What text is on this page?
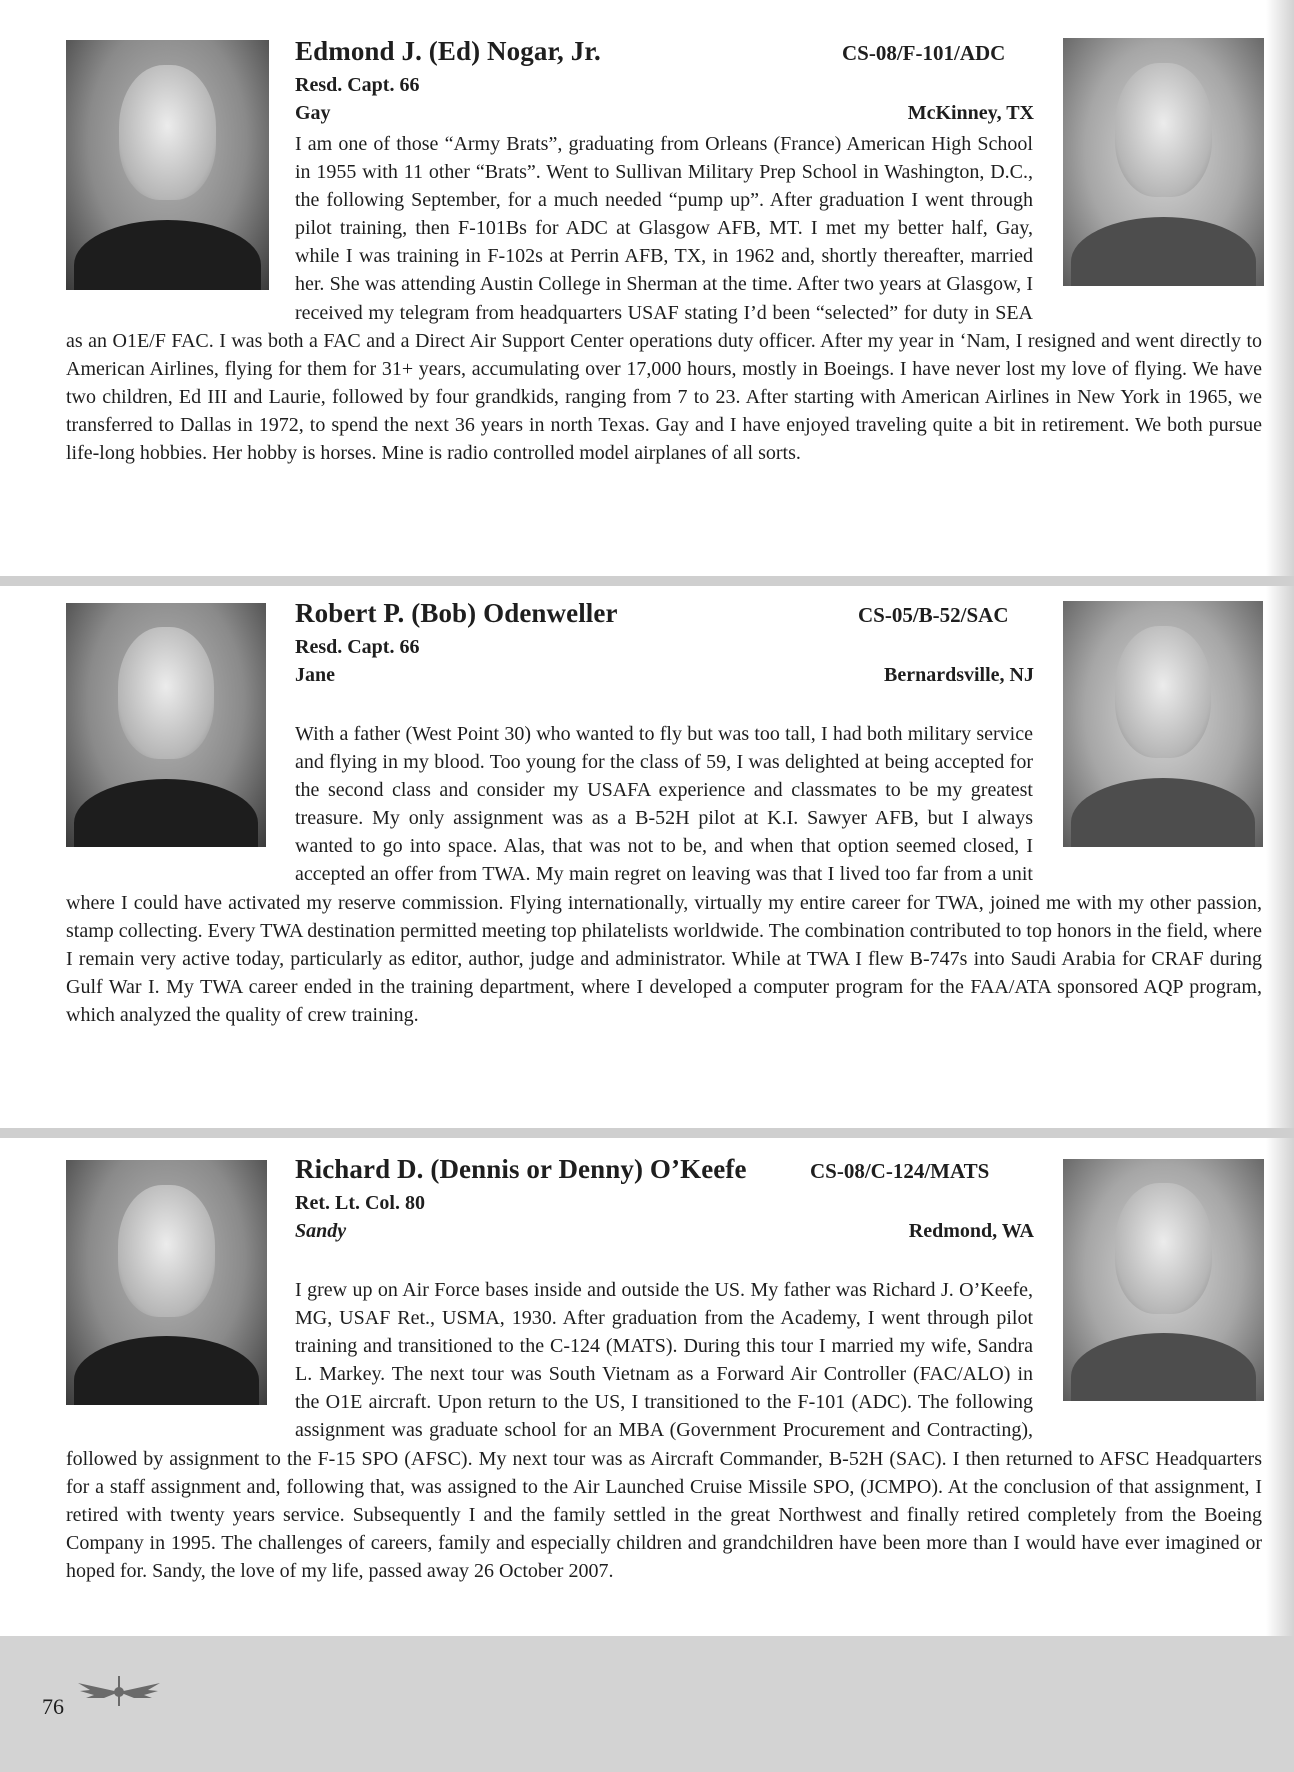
Edmond J. (Ed) Nogar, Jr.	CS-08/F-101/ADC
Resd. Capt. 66
Gay	McKinney, TX
I am one of those “Army Brats”, graduating from Orleans (France) American High School in 1955 with 11 other “Brats”. Went to Sullivan Military Prep School in Washington, D.C., the following September, for a much needed “pump up”. After graduation I went through pilot training, then F-101Bs for ADC at Glasgow AFB, MT. I met my better half, Gay, while I was training in F-102s at Perrin AFB, TX, in 1962 and, shortly thereafter, married her. She was attending Austin College in Sherman at the time. After two years at Glasgow, I received my telegram from headquarters USAF stating I’d been “selected” for duty in SEA as an O1E/F FAC. I was both a FAC and a Direct Air Support Center operations duty officer. After my year in ‘Nam, I resigned and went directly to American Airlines, flying for them for 31+ years, accumulating over 17,000 hours, mostly in Boeings. I have never lost my love of flying. We have two children, Ed III and Laurie, followed by four grandkids, ranging from 7 to 23. After starting with American Airlines in New York in 1965, we transferred to Dallas in 1972, to spend the next 36 years in north Texas. Gay and I have enjoyed traveling quite a bit in retirement. We both pursue life-long hobbies. Her hobby is horses. Mine is radio controlled model airplanes of all sorts.
Robert P. (Bob) Odenweller	CS-05/B-52/SAC
Resd. Capt. 66
Jane	Bernardsville, NJ
With a father (West Point 30) who wanted to fly but was too tall, I had both military service and flying in my blood. Too young for the class of 59, I was delighted at being accepted for the second class and consider my USAFA experience and classmates to be my greatest treasure. My only assignment was as a B-52H pilot at K.I. Sawyer AFB, but I always wanted to go into space. Alas, that was not to be, and when that option seemed closed, I accepted an offer from TWA. My main regret on leaving was that I lived too far from a unit where I could have activated my reserve commission. Flying internationally, virtually my entire career for TWA, joined me with my other passion, stamp collecting. Every TWA destination permitted meeting top philatelists worldwide. The combination contributed to top honors in the field, where I remain very active today, particularly as editor, author, judge and administrator. While at TWA I flew B-747s into Saudi Arabia for CRAF during Gulf War I. My TWA career ended in the training department, where I developed a computer program for the FAA/ATA sponsored AQP program, which analyzed the quality of crew training.
Richard D. (Dennis or Denny) O’Keefe	CS-08/C-124/MATS
Ret. Lt. Col. 80
Sandy	Redmond, WA
I grew up on Air Force bases inside and outside the US. My father was Richard J. O’Keefe, MG, USAF Ret., USMA, 1930. After graduation from the Academy, I went through pilot training and transitioned to the C-124 (MATS). During this tour I married my wife, Sandra L. Markey. The next tour was South Vietnam as a Forward Air Controller (FAC/ALO) in the O1E aircraft. Upon return to the US, I transitioned to the F-101 (ADC). The following assignment was graduate school for an MBA (Government Procurement and Contracting), followed by assignment to the F-15 SPO (AFSC). My next tour was as Aircraft Commander, B-52H (SAC). I then returned to AFSC Headquarters for a staff assignment and, following that, was assigned to the Air Launched Cruise Missile SPO, (JCMPO). At the conclusion of that assignment, I retired with twenty years service. Subsequently I and the family settled in the great Northwest and finally retired completely from the Boeing Company in 1995. The challenges of careers, family and especially children and grandchildren have been more than I would have ever imagined or hoped for. Sandy, the love of my life, passed away 26 October 2007.
76
